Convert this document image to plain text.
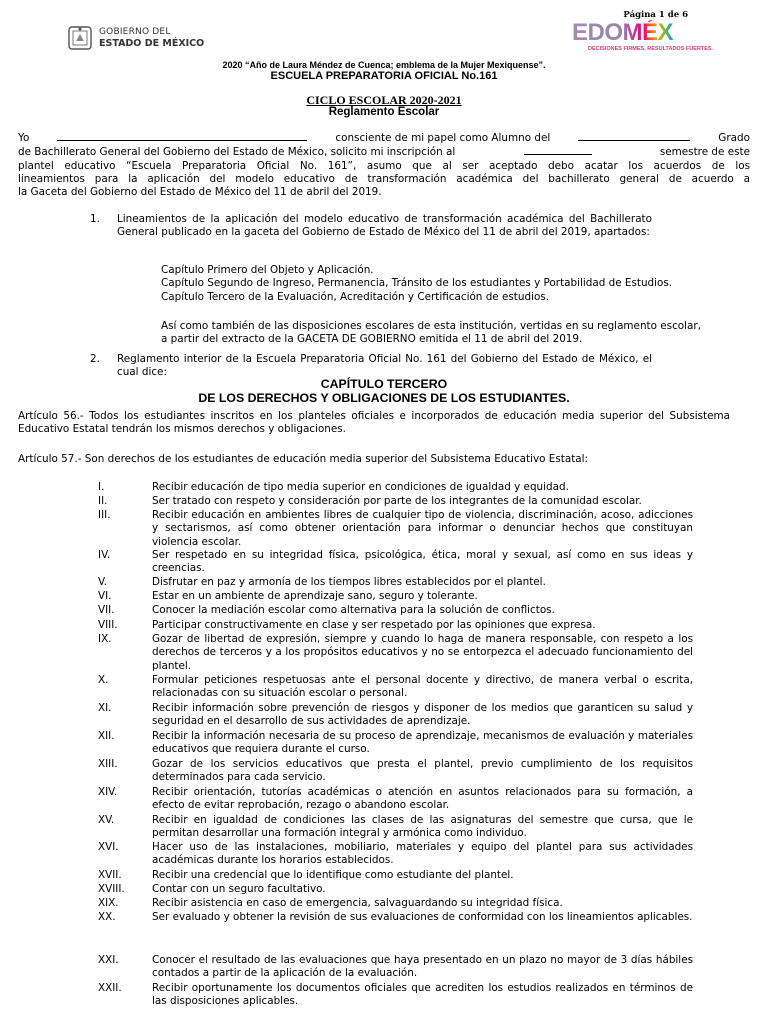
GOBIERNO DEL
ESTADO DE MÉXICO
Página 1 de 6
EDOMÉX
DECISIONES FIRMES, RESULTADOS FUERTES.
2020 “Año de Laura Méndez de Cuenca; emblema de la Mujer Mexiquense”.
ESCUELA PREPARATORIA OFICIAL No.161
CICLO ESCOLAR 2020-2021
Reglamento Escolar
Yo	consciente de mi papel como Alumno del	Grado
de Bachillerato General del Gobierno del Estado de México, solicito mi inscripción al	semestre de este
plantel educativo “Escuela Preparatoria Oficial No. 161”, asumo que al ser aceptado debo acatar los acuerdos de los
lineamientos para la aplicación del modelo educativo de transformación académica del bachillerato general de acuerdo a
la Gaceta del Gobierno del Estado de México del 11 de abril del 2019.
1. Lineamientos de la aplicación del modelo educativo de transformación académica del Bachillerato General publicado en la gaceta del Gobierno de Estado de México del 11 de abril del 2019, apartados:
Capítulo Primero del Objeto y Aplicación.
Capítulo Segundo de Ingreso, Permanencia, Tránsito de los estudiantes y Portabilidad de Estudios.
Capítulo Tercero de la Evaluación, Acreditación y Certificación de estudios.
Así como también de las disposiciones escolares de esta institución, vertidas en su reglamento escolar, a partir del extracto de la GACETA DE GOBIERNO emitida el 11 de abril del 2019.
2. Reglamento interior de la Escuela Preparatoria Oficial No. 161 del Gobierno del Estado de México, el cual dice:
CAPÍTULO TERCERO
DE LOS DERECHOS Y OBLIGACIONES DE LOS ESTUDIANTES.
Artículo 56.- Todos los estudiantes inscritos en los planteles oficiales e incorporados de educación media superior del Subsistema Educativo Estatal tendrán los mismos derechos y obligaciones.
Artículo 57.- Son derechos de los estudiantes de educación media superior del Subsistema Educativo Estatal:
I.	Recibir educación de tipo media superior en condiciones de igualdad y equidad.
II.	Ser tratado con respeto y consideración por parte de los integrantes de la comunidad escolar.
III.	Recibir educación en ambientes libres de cualquier tipo de violencia, discriminación, acoso, adicciones y sectarismos, así como obtener orientación para informar o denunciar hechos que constituyan violencia escolar.
IV.	Ser respetado en su integridad física, psicológica, ética, moral y sexual, así como en sus ideas y creencias.
V.	Disfrutar en paz y armonía de los tiempos libres establecidos por el plantel.
VI.	Estar en un ambiente de aprendizaje sano, seguro y tolerante.
VII.	Conocer la mediación escolar como alternativa para la solución de conflictos.
VIII.	Participar constructivamente en clase y ser respetado por las opiniones que expresa.
IX.	Gozar de libertad de expresión, siempre y cuando lo haga de manera responsable, con respeto a los derechos de terceros y a los propósitos educativos y no se entorpezca el adecuado funcionamiento del plantel.
X.	Formular peticiones respetuosas ante el personal docente y directivo, de manera verbal o escrita, relacionadas con su situación escolar o personal.
XI.	Recibir información sobre prevención de riesgos y disponer de los medios que garanticen su salud y seguridad en el desarrollo de sus actividades de aprendizaje.
XII.	Recibir la información necesaria de su proceso de aprendizaje, mecanismos de evaluación y materiales educativos que requiera durante el curso.
XIII.	Gozar de los servicios educativos que presta el plantel, previo cumplimiento de los requisitos determinados para cada servicio.
XIV.	Recibir orientación, tutorías académicas o atención en asuntos relacionados para su formación, a efecto de evitar reprobación, rezago o abandono escolar.
XV.	Recibir en igualdad de condiciones las clases de las asignaturas del semestre que cursa, que le permitan desarrollar una formación integral y armónica como individuo.
XVI.	Hacer uso de las instalaciones, mobiliario, materiales y equipo del plantel para sus actividades académicas durante los horarios establecidos.
XVII.	Recibir una credencial que lo identifique como estudiante del plantel.
XVIII.	Contar con un seguro facultativo.
XIX.	Recibir asistencia en caso de emergencia, salvaguardando su integridad física.
XX.	Ser evaluado y obtener la revisión de sus evaluaciones de conformidad con los lineamientos aplicables.
XXI.	Conocer el resultado de las evaluaciones que haya presentado en un plazo no mayor de 3 días hábiles contados a partir de la aplicación de la evaluación.
XXII.	Recibir oportunamente los documentos oficiales que acrediten los estudios realizados en términos de las disposiciones aplicables.
